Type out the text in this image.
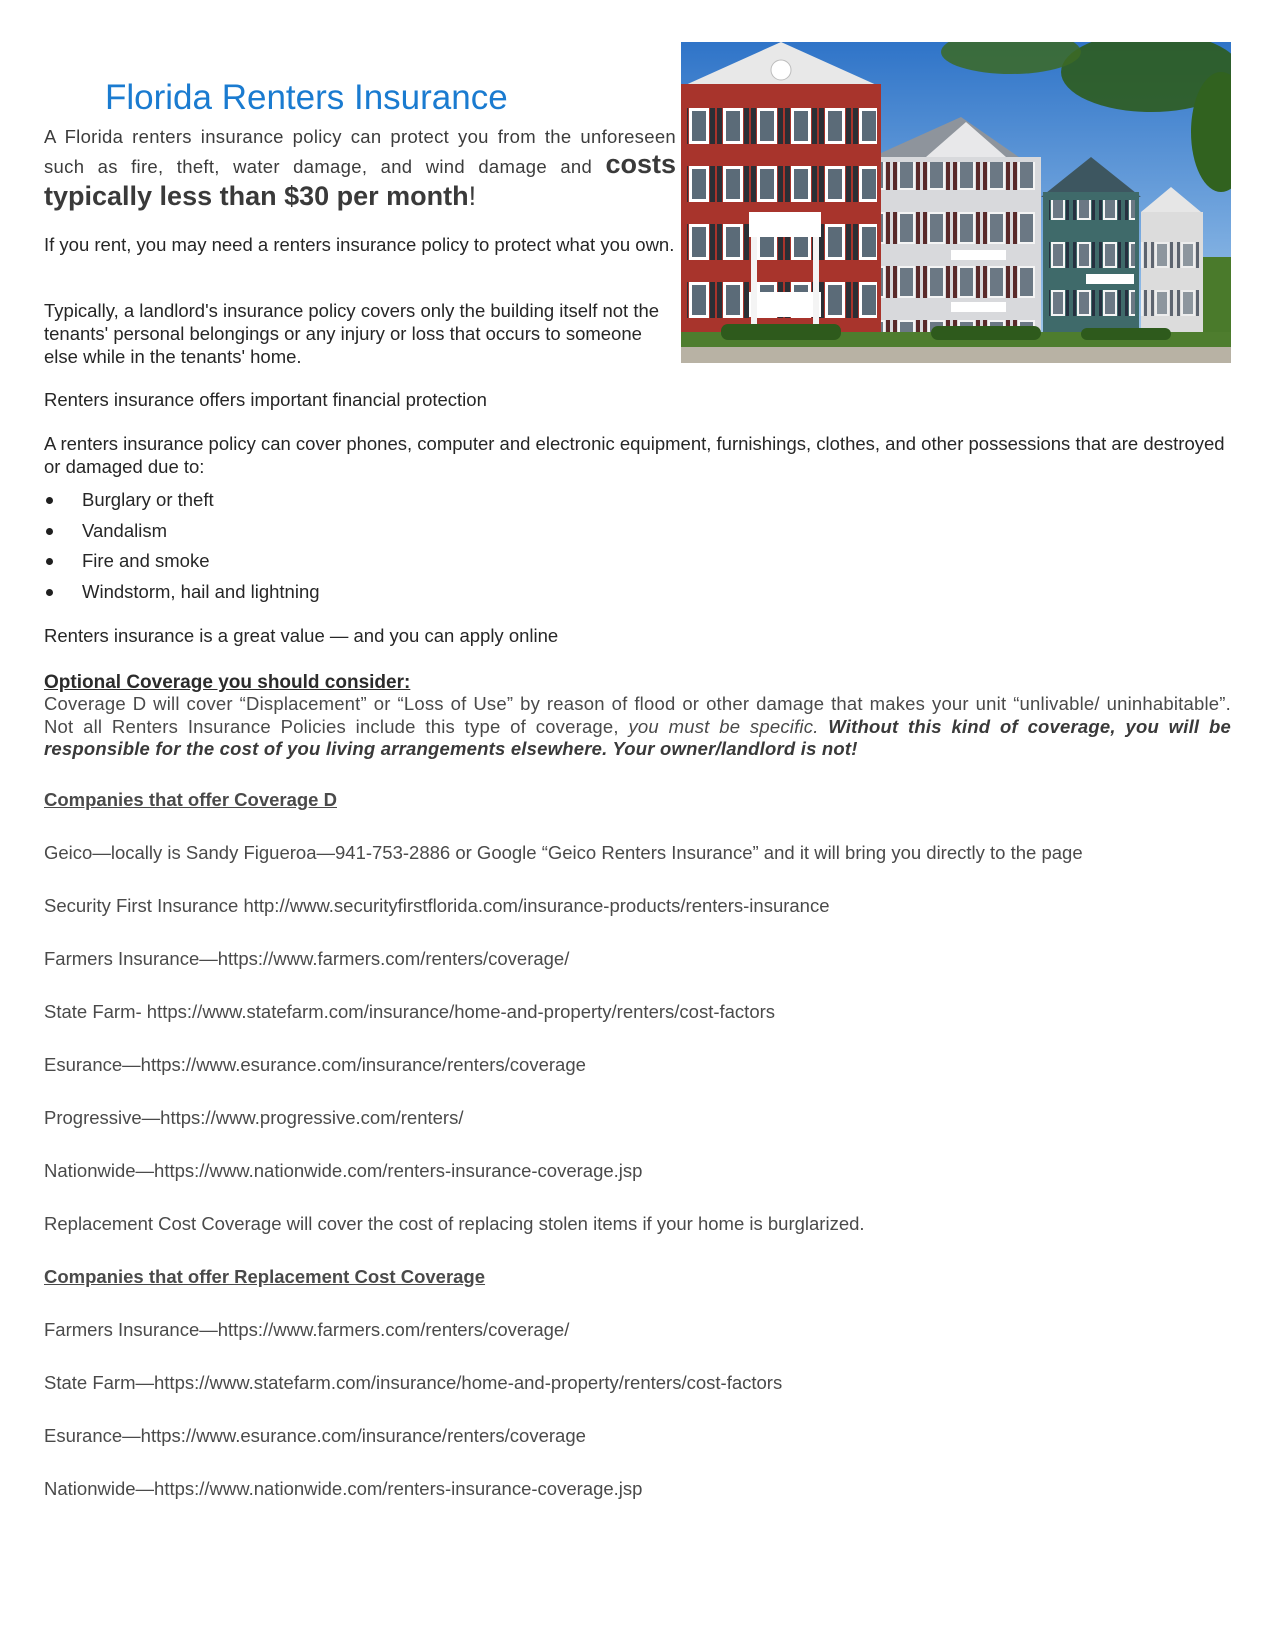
Florida Renters Insurance
A Florida renters insurance policy can protect you from the unforeseen such as fire, theft, water damage, and wind damage and costs typically less than $30 per month!
If you rent, you may need a renters insurance policy to protect what you own.
Typically, a landlord's insurance policy covers only the building itself not the tenants' personal belongings or any injury or loss that occurs to someone else while in the tenants' home.
Renters insurance offers important financial protection
A renters insurance policy can cover phones, computer and electronic equipment, furnishings, clothes, and other possessions that are destroyed or damaged due to:
Burglary or theft
Vandalism
Fire and smoke
Windstorm, hail and lightning
Renters insurance is a great value — and you can apply online
Optional Coverage you should consider:
Coverage D will cover “Displacement” or “Loss of Use” by reason of flood or other damage that makes your unit “unlivable/ uninhabitable”. Not all Renters Insurance Policies include this type of coverage, you must be specific. Without this kind of coverage, you will be responsible for the cost of you living arrangements elsewhere. Your owner/landlord is not!
Companies that offer Coverage D
Geico—locally is Sandy Figueroa—941-753-2886 or Google “Geico Renters Insurance” and it will bring you directly to the page
Security First Insurance http://www.securityfirstflorida.com/insurance-products/renters-insurance
Farmers Insurance—https://www.farmers.com/renters/coverage/
State Farm- https://www.statefarm.com/insurance/home-and-property/renters/cost-factors
Esurance—https://www.esurance.com/insurance/renters/coverage
Progressive—https://www.progressive.com/renters/
Nationwide—https://www.nationwide.com/renters-insurance-coverage.jsp
Replacement Cost Coverage will cover the cost of replacing stolen items if your home is burglarized.
Companies that offer Replacement Cost Coverage
Farmers Insurance—https://www.farmers.com/renters/coverage/
State Farm—https://www.statefarm.com/insurance/home-and-property/renters/cost-factors
Esurance—https://www.esurance.com/insurance/renters/coverage
Nationwide—https://www.nationwide.com/renters-insurance-coverage.jsp
